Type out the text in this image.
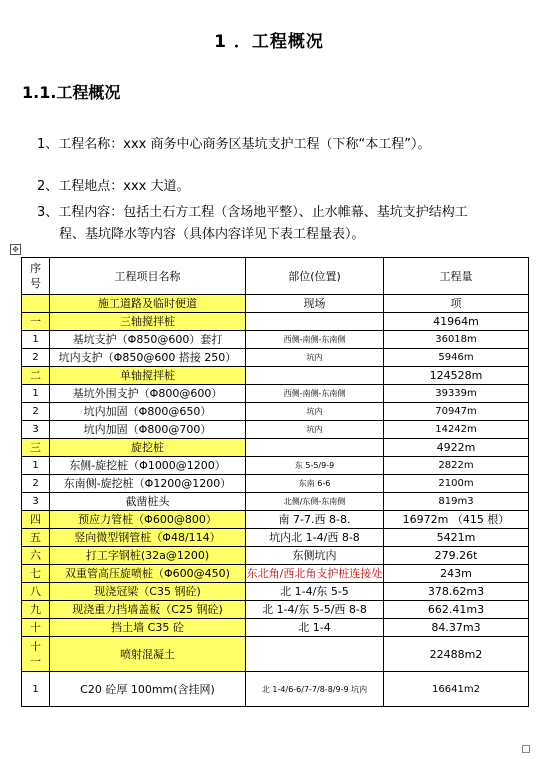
1 ．工程概况
1.1.工程概况
1、工程名称：xxx 商务中心商务区基坑支护工程（下称“本工程”）。
2、工程地点：xxx 大道。
3、工程内容：包括土石方工程（含场地平整）、止水帷幕、基坑支护结构工
程、基坑降水等内容（具体内容详见下表工程量表）。
✥
序
号	工程项目名称	部位(位置)	工程量
	施工道路及临时便道	现场	项
一	三轴搅拌桩		41964m
1	基坑支护（Φ850@600）套打	西侧-南侧-东南侧	36018m
2	坑内支护（Φ850@600 搭接 250）	坑内	5946m
二	单轴搅拌桩		124528m
1	基坑外围支护（Φ800@600）	西侧-南侧-东南侧	39339m
2	坑内加固（Φ800@650）	坑内	70947m
3	坑内加固（Φ800@700）	坑内	14242m
三	旋挖桩		4922m
1	东侧-旋挖桩（Φ1000@1200）	东 5-5/9-9	2822m
2	东南侧-旋挖桩（Φ1200@1200）	东南 6-6	2100m
3	截凿桩头	北侧/东侧-东南侧	819m3
四	预应力管桩（Φ600@800）	南 7-7.西 8-8.	16972m （415 根）
五	竖向微型钢管桩（Φ48/114）	坑内北 1-4/西 8-8	5421m
六	打工字钢桩(32a@1200)	东侧坑内	279.26t
七	双重管高压旋喷桩（Φ600@450)	东北角/西北角支护桩连接处	243m
八	现浇冠梁（C35 钢砼)	北 1-4/东 5-5	378.62m3
九	现浇重力挡墙盖板（C25 钢砼)	北 1-4/东 5-5/西 8-8	662.41m3
十	挡土墙 C35 砼	北 1-4	84.37m3
十
一	喷射混凝土		22488m2
1	C20 砼厚 100mm(含挂网)	北 1-4/6-6/7-7/8-8/9-9 坑内	16641m2
